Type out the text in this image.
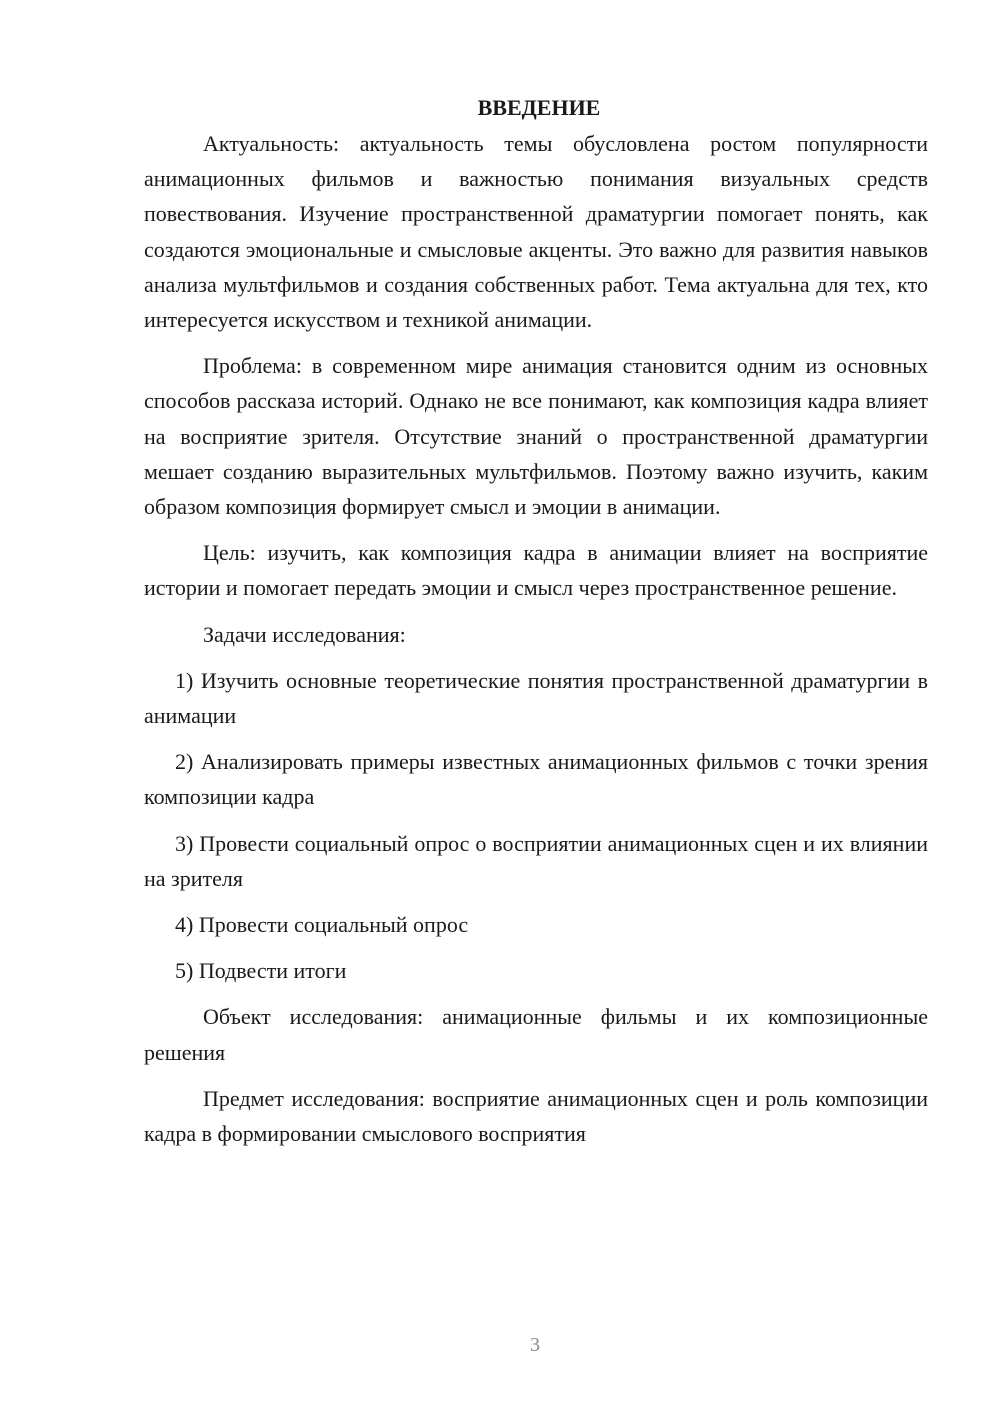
ВВЕДЕНИЕ

Актуальность: актуальность темы обусловлена ростом популярности анимационных фильмов и важностью понимания визуальных средств повествования. Изучение пространственной драматургии помогает понять, как создаются эмоциональные и смысловые акценты. Это важно для развития навыков анализа мультфильмов и создания собственных работ. Тема актуальна для тех, кто интересуется искусством и техникой анимации.

Проблема: в современном мире анимация становится одним из основных способов рассказа историй. Однако не все понимают, как композиция кадра влияет на восприятие зрителя. Отсутствие знаний о пространственной драматургии мешает созданию выразительных мультфильмов. Поэтому важно изучить, каким образом композиция формирует смысл и эмоции в анимации.

Цель: изучить, как композиция кадра в анимации влияет на восприятие истории и помогает передать эмоции и смысл через пространственное решение.

Задачи исследования:

1) Изучить основные теоретические понятия пространственной драматургии в анимации

2) Анализировать примеры известных анимационных фильмов с точки зрения композиции кадра

3) Провести социальный опрос о восприятии анимационных сцен и их влиянии на зрителя

4) Провести социальный опрос

5) Подвести итоги

Объект исследования: анимационные фильмы и их композиционные решения

Предмет исследования: восприятие анимационных сцен и роль композиции кадра в формировании смыслового восприятия

3
